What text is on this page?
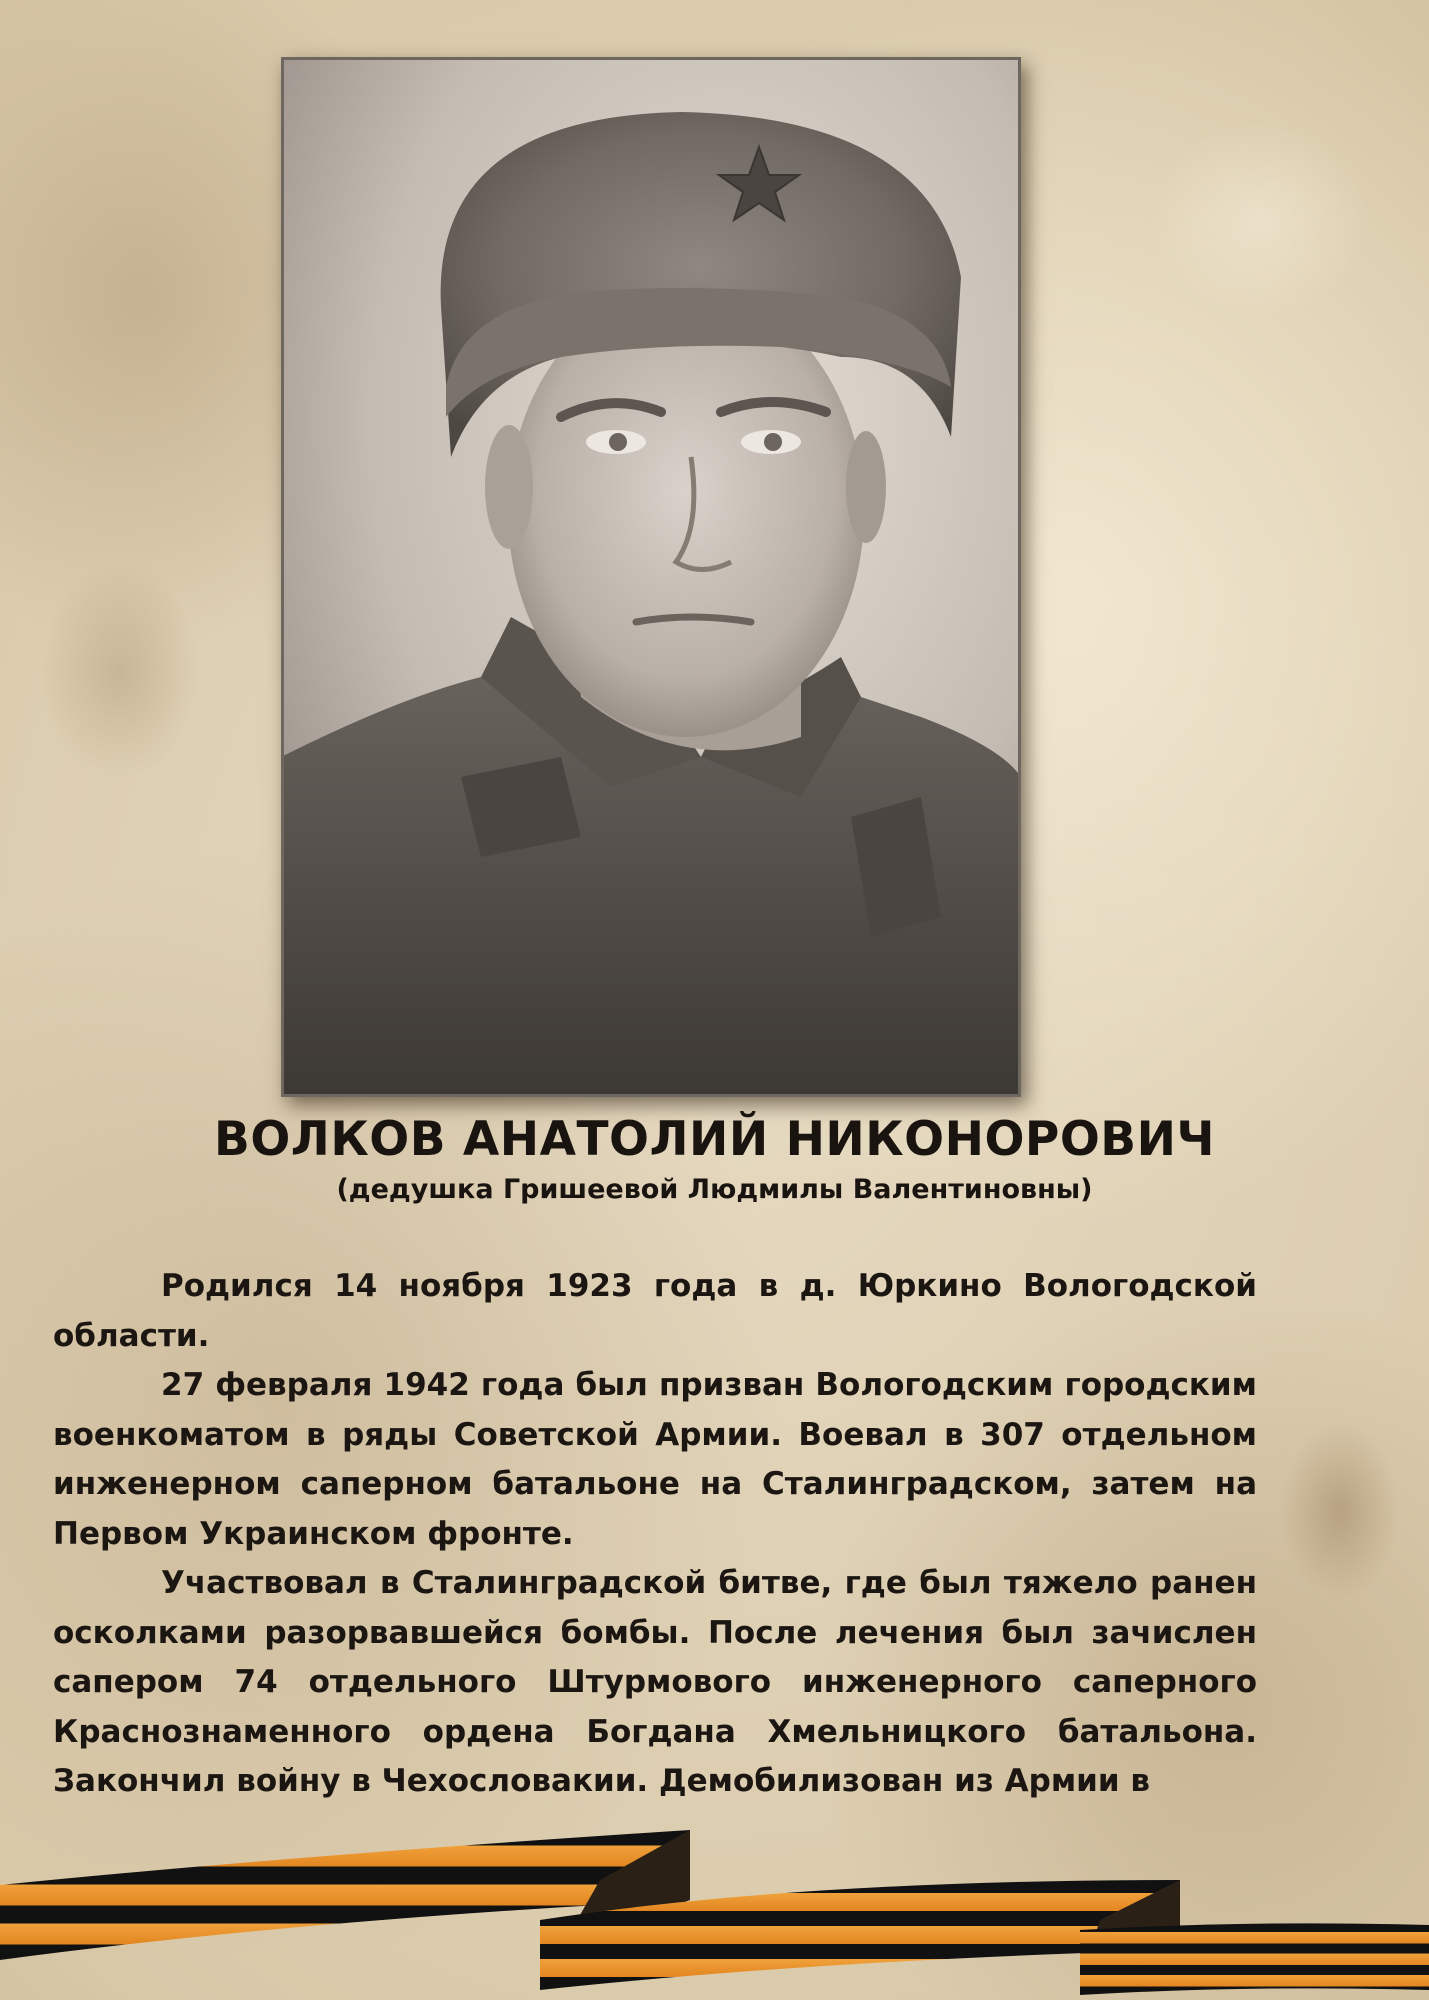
ВОЛКОВ АНАТОЛИЙ НИКОНОРОВИЧ
(дедушка Гришеевой Людмилы Валентиновны)

Родился 14 ноября 1923 года в д. Юркино Вологодской области.

27 февраля 1942 года был призван Вологодским городским военкоматом в ряды Советской Армии. Воевал в 307 отдельном инженерном саперном батальоне на Сталинградском, затем на Первом Украинском фронте.

Участвовал в Сталинградской битве, где был тяжело ранен осколками разорвавшейся бомбы. После лечения был зачислен сапером 74 отдельного Штурмового инженерного саперного Краснознаменного ордена Богдана Хмельницкого батальона. Закончил войну в Чехословакии. Демобилизован из Армии в
